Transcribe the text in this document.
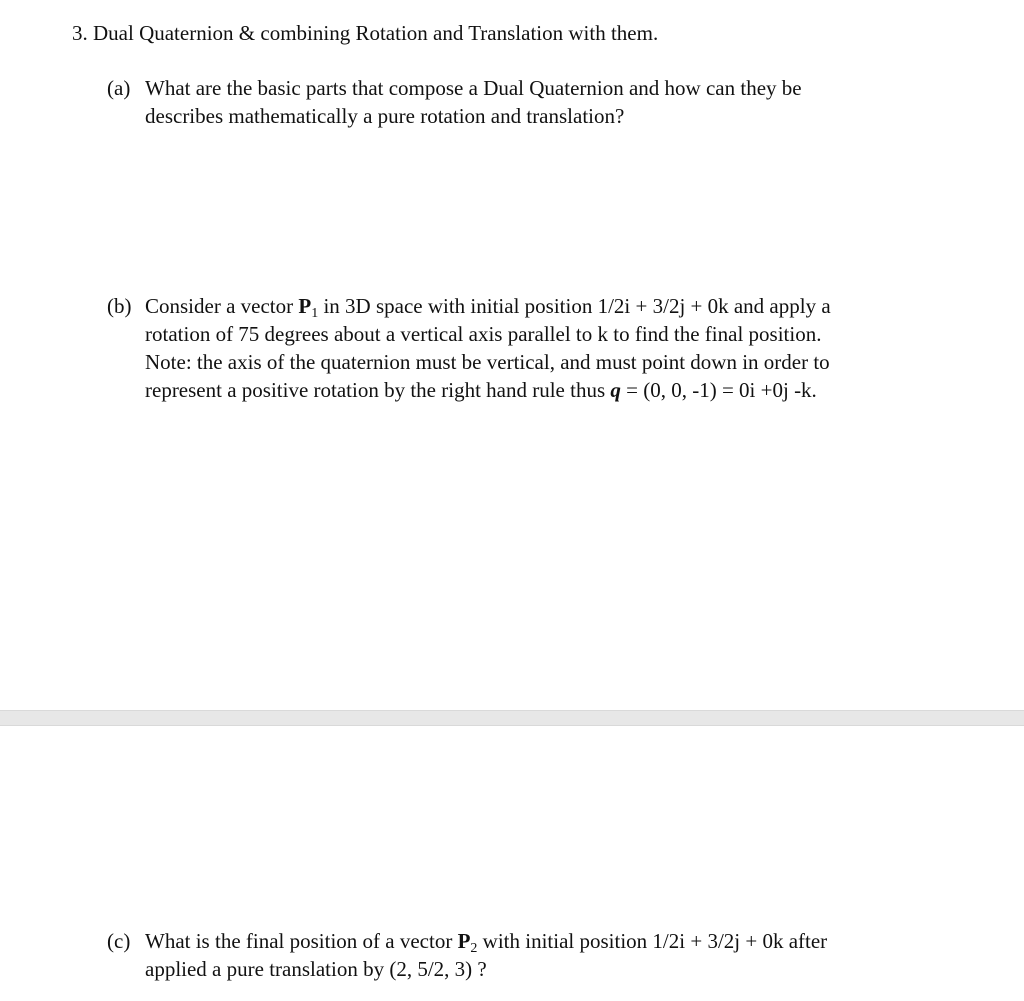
3. Dual Quaternion & combining Rotation and Translation with them.
(a) What are the basic parts that compose a Dual Quaternion and how can they be
describes mathematically a pure rotation and translation?
(b) Consider a vector $P_1$ in 3D space with initial position 1/2i + 3/2j + 0k and apply a
rotation of 75 degrees about a vertical axis parallel to k to find the final position.
Note: the axis of the quaternion must be vertical, and must point down in order to
represent a positive rotation by the right hand rule thus q = (0, 0, -1) = 0i +0j -k.
(c) What is the final position of a vector $P_2$ with initial position 1/2i + 3/2j + 0k after
applied a pure translation by (2, 5/2, 3) ?
